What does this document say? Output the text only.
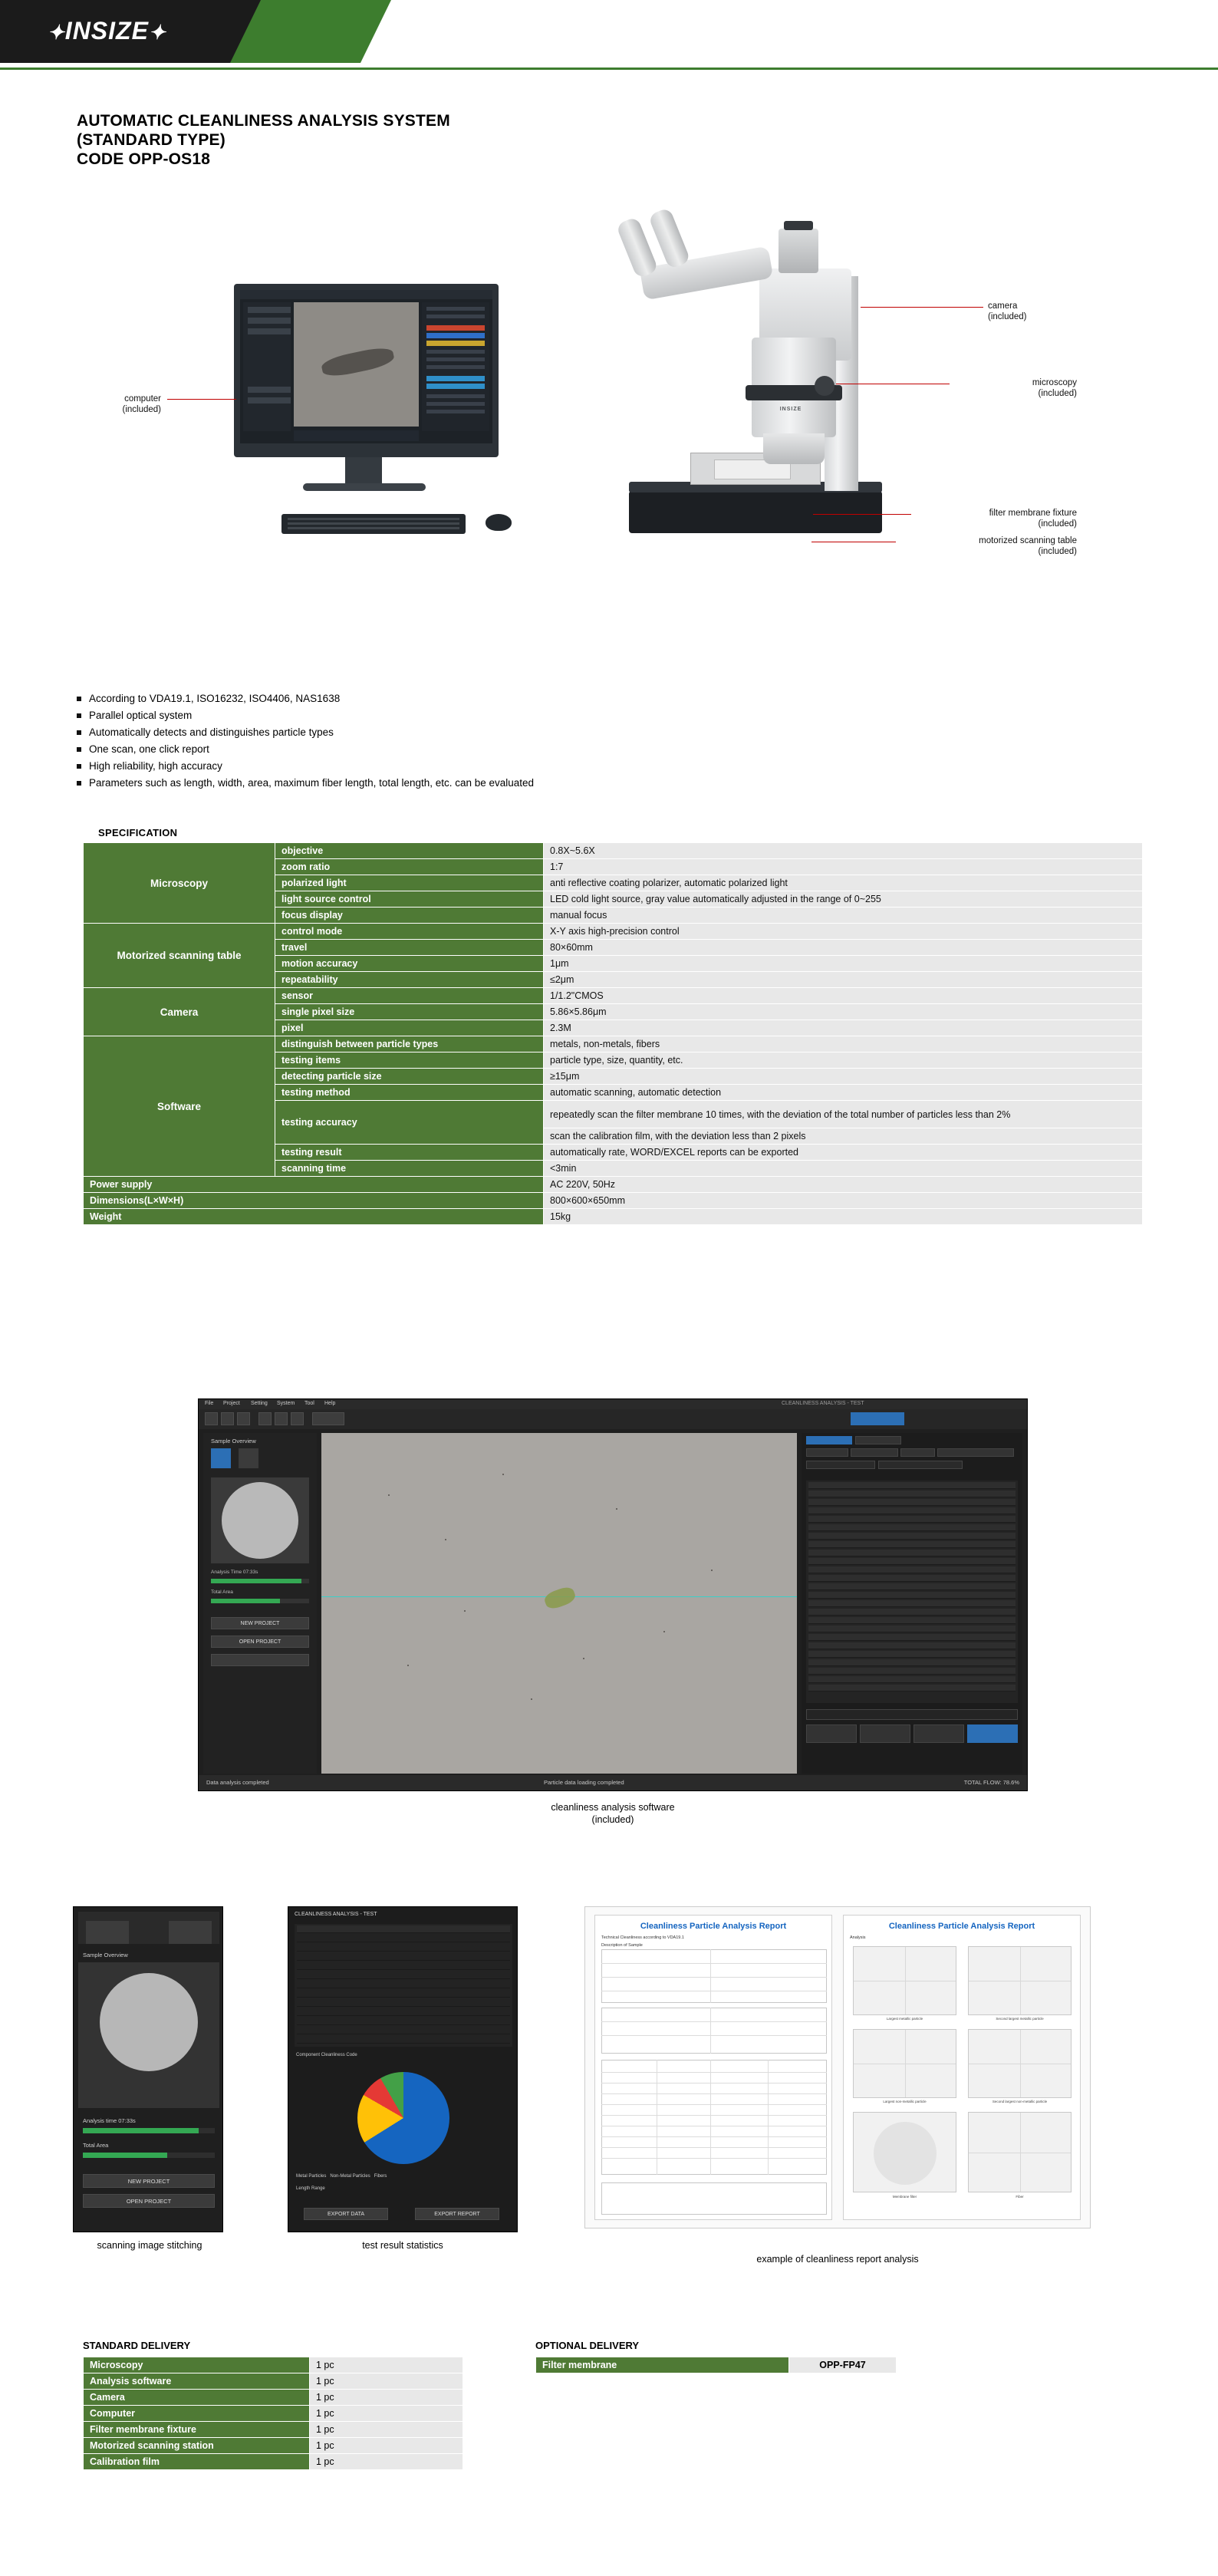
✦INSIZE✦
AUTOMATIC CLEANLINESS ANALYSIS SYSTEM
(STANDARD TYPE)
CODE OPP-OS18
INSIZE
computer
(included)
camera
(included)
microscopy
(included)
filter membrane fixture
(included)
motorized scanning table
(included)
According to VDA19.1, ISO16232, ISO4406, NAS1638
Parallel optical system
Automatically detects and distinguishes particle types
One scan, one click report
High reliability, high accuracy
Parameters such as length, width, area, maximum fiber length, total length, etc. can be evaluated
SPECIFICATION
Microscopy	objective	0.8X~5.6X
	zoom ratio	1:7
	polarized light	anti reflective coating polarizer, automatic polarized light
	light source control	LED cold light source, gray value automatically adjusted in the range of 0~255
	focus display	manual focus
Motorized scanning table	control mode	X-Y axis high-precision control
	travel	80×60mm
	motion accuracy	1μm
	repeatability	≤2μm
Camera	sensor	1/1.2"CMOS
	single pixel size	5.86×5.86μm
	pixel	2.3M
Software	distinguish between particle types	metals, non-metals, fibers
	testing items	particle type, size, quantity, etc.
	detecting particle size	≥15μm
	testing method	automatic scanning, automatic detection
	testing accuracy	repeatedly scan the filter membrane 10 times, with the deviation of the total number of particles less than 2%
		scan the calibration film, with the deviation less than 2 pixels
	testing result	automatically rate, WORD/EXCEL reports can be exported
	scanning time	<3min
Power supply		AC 220V, 50Hz
Dimensions(L×W×H)		800×600×650mm
Weight		15kg
File Project Setting System Tool Help	CLEANLINESS ANALYSIS - TEST
Sample Overview
Analysis Time 07:33s
Total Area
NEW PROJECT
OPEN PROJECT
Data analysis completed	Particle data loading completed	TOTAL FLOW: 78.6%
cleanliness analysis software
(included)
Sample Overview
Analysis time 07:33s
Total Area
NEW PROJECT
OPEN PROJECT
CLEANLINESS ANALYSIS - TEST
Component Cleanliness Code
Metal Particles Non-Metal Particles Fibers
Length Range
EXPORT DATA	EXPORT REPORT
Cleanliness Particle Analysis Report
Technical Cleanliness according to VDA19.1
Description of Sample
Cleanliness Particle Analysis Report
Analysis
Largest metallic particle	Second largest metallic particle
Largest non-metallic particle	Second largest non-metallic particle
Membrane filter	Fiber
scanning image stitching	test result statistics
example of cleanliness report analysis
STANDARD DELIVERY
Microscopy	1 pc
Analysis software	1 pc
Camera	1 pc
Computer	1 pc
Filter membrane fixture	1 pc
Motorized scanning station	1 pc
Calibration film	1 pc
OPTIONAL DELIVERY
Filter membrane	OPP-FP47
